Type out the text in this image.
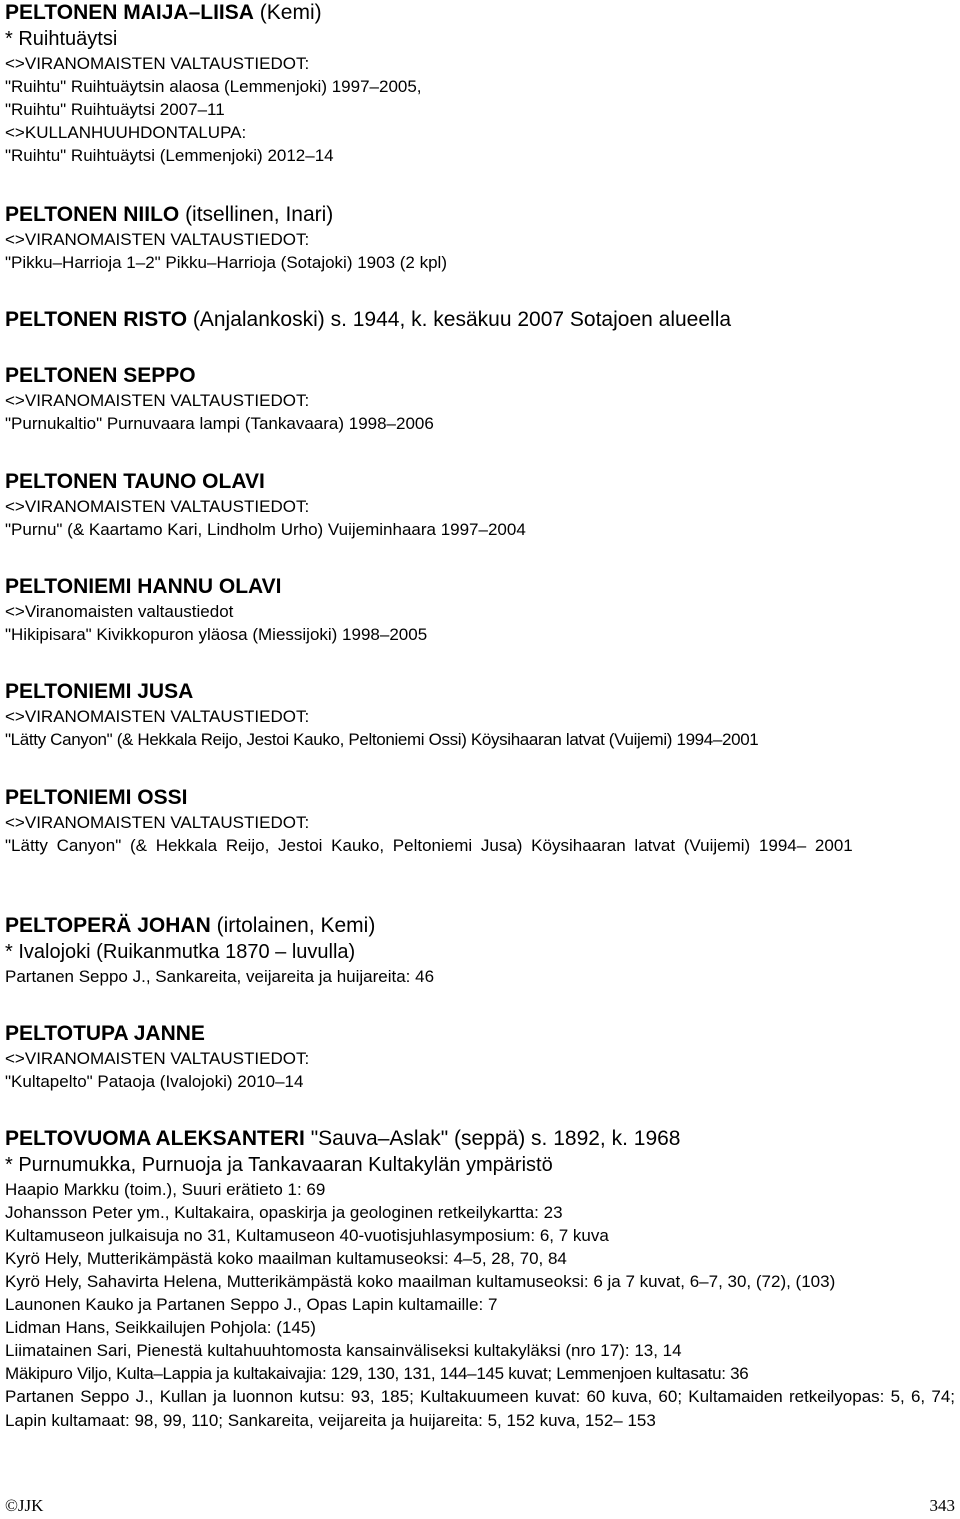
PELTONEN MAIJA–LIISA (Kemi)
* Ruihtuäytsi
<>VIRANOMAISTEN VALTAUSTIEDOT:
"Ruihtu" Ruihtuäytsin alaosa (Lemmenjoki) 1997–2005,
"Ruihtu" Ruihtuäytsi 2007–11
<>KULLANHUUHDONTALUPA:
"Ruihtu" Ruihtuäytsi (Lemmenjoki) 2012–14
PELTONEN NIILO (itsellinen, Inari)
<>VIRANOMAISTEN VALTAUSTIEDOT:
"Pikku–Harrioja 1–2" Pikku–Harrioja (Sotajoki) 1903 (2 kpl)
PELTONEN RISTO (Anjalankoski) s. 1944, k. kesäkuu 2007 Sotajoen alueella
PELTONEN SEPPO
<>VIRANOMAISTEN VALTAUSTIEDOT:
"Purnukaltio" Purnuvaara lampi (Tankavaara) 1998–2006
PELTONEN TAUNO OLAVI
<>VIRANOMAISTEN VALTAUSTIEDOT:
"Purnu" (& Kaartamo Kari, Lindholm Urho) Vuijeminhaara 1997–2004
PELTONIEMI HANNU OLAVI
<>Viranomaisten valtaustiedot
"Hikipisara" Kivikkopuron yläosa (Miessijoki) 1998–2005
PELTONIEMI JUSA
<>VIRANOMAISTEN VALTAUSTIEDOT:
"Lätty Canyon" (& Hekkala Reijo, Jestoi Kauko, Peltoniemi Ossi) Köysihaaran latvat (Vuijemi) 1994–2001
PELTONIEMI OSSI
<>VIRANOMAISTEN VALTAUSTIEDOT:
"Lätty Canyon" (& Hekkala Reijo, Jestoi Kauko, Peltoniemi Jusa) Köysihaaran latvat (Vuijemi) 1994– 2001
PELTOPERÄ JOHAN (irtolainen, Kemi)
* Ivalojoki (Ruikanmutka 1870 – luvulla)
Partanen Seppo J., Sankareita, veijareita ja huijareita: 46
PELTOTUPA JANNE
<>VIRANOMAISTEN VALTAUSTIEDOT:
"Kultapelto" Pataoja (Ivalojoki) 2010–14
PELTOVUOMA ALEKSANTERI "Sauva–Aslak" (seppä) s. 1892, k. 1968
* Purnumukka, Purnuoja ja Tankavaaran Kultakylän ympäristö
Haapio Markku (toim.), Suuri erätieto 1: 69
Johansson Peter ym., Kultakaira, opaskirja ja geologinen retkeilykartta: 23
Kultamuseon julkaisuja no 31, Kultamuseon 40-vuotisjuhlasymposium: 6, 7 kuva
Kyrö Hely, Mutterikämpästä koko maailman kultamuseoksi: 4–5, 28, 70, 84
Kyrö Hely, Sahavirta Helena, Mutterikämpästä koko maailman kultamuseoksi: 6 ja 7 kuvat, 6–7, 30, (72), (103)
Launonen Kauko ja Partanen Seppo J., Opas Lapin kultamaille: 7
Lidman Hans, Seikkailujen Pohjola: (145)
Liimatainen Sari, Pienestä kultahuuhtomosta kansainväliseksi kultakyläksi (nro 17): 13, 14
Mäkipuro Viljo, Kulta–Lappia ja kultakaivajia: 129, 130, 131, 144–145 kuvat; Lemmenjoen kultasatu: 36
Partanen Seppo J., Kullan ja luonnon kutsu: 93, 185; Kultakuumeen kuvat: 60 kuva, 60; Kultamaiden retkeilyopas: 5, 6, 74; Lapin kultamaat: 98, 99, 110; Sankareita, veijareita ja huijareita: 5, 152 kuva, 152– 153
©JJK	343
